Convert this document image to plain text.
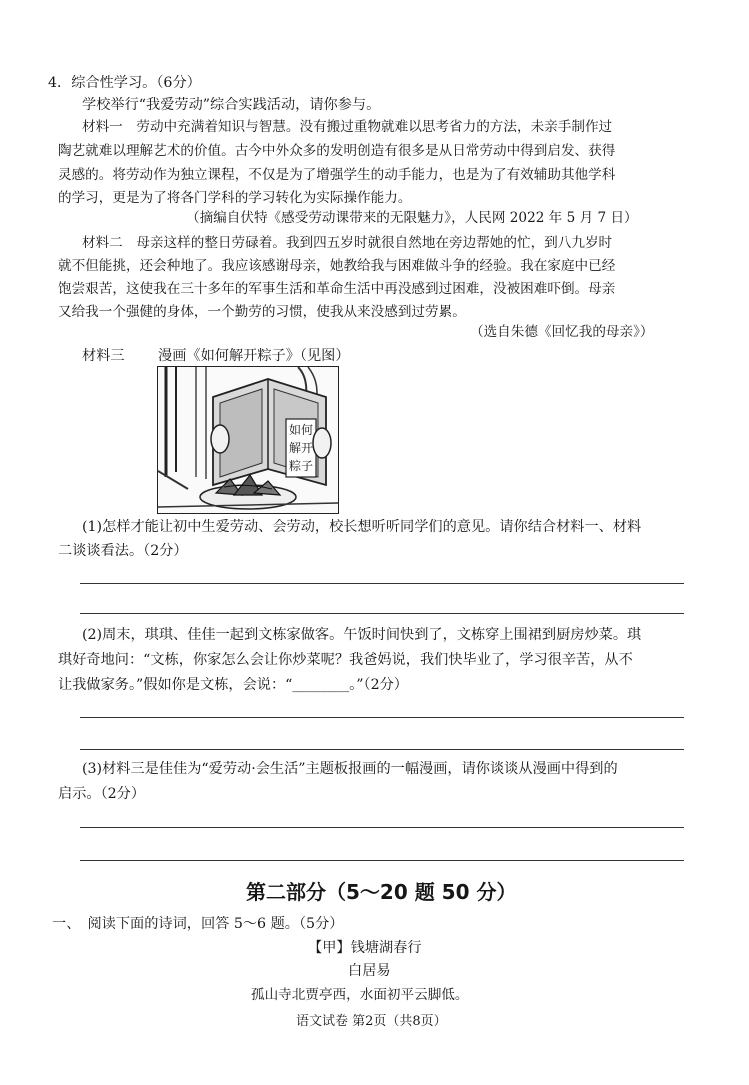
4．综合性学习。（6分）
学校举行“我爱劳动”综合实践活动，请你参与。
材料一　劳动中充满着知识与智慧。没有搬过重物就难以思考省力的方法，未亲手制作过
陶艺就难以理解艺术的价值。古今中外众多的发明创造有很多是从日常劳动中得到启发、获得
灵感的。将劳动作为独立课程，不仅是为了增强学生的动手能力，也是为了有效辅助其他学科
的学习，更是为了将各门学科的学习转化为实际操作能力。
（摘编自伏特《感受劳动课带来的无限魅力》，人民网 2022 年 5 月 7 日）
材料二　母亲这样的整日劳碌着。我到四五岁时就很自然地在旁边帮她的忙，到八九岁时
就不但能挑，还会种地了。我应该感谢母亲，她教给我与困难做斗争的经验。我在家庭中已经
饱尝艰苦，这使我在三十多年的军事生活和革命生活中再没感到过困难，没被困难吓倒。母亲
又给我一个强健的身体，一个勤劳的习惯，使我从来没感到过劳累。
（选自朱德《回忆我的母亲》）
材料三 漫画《如何解开粽子》（见图）
如何
解开
粽子
(1)怎样才能让初中生爱劳动、会劳动，校长想听听同学们的意见。请你结合材料一、材料
二谈谈看法。（2分）
(2)周末，琪琪、佳佳一起到文栋家做客。午饭时间快到了，文栋穿上围裙到厨房炒菜。琪
琪好奇地问：“文栋，你家怎么会让你炒菜呢？我爸妈说，我们快毕业了，学习很辛苦，从不
让我做家务。”假如你是文栋，会说：“________。”（2分）
(3)材料三是佳佳为“爱劳动·会生活”主题板报画的一幅漫画，请你谈谈从漫画中得到的
启示。（2分）
第二部分（5～20 题 50 分）
一、　阅读下面的诗词，回答 5～6 题。（5分）
【甲】钱塘湖春行
白居易
孤山寺北贾亭西，水面初平云脚低。
语文试卷 第2页（共8页）
